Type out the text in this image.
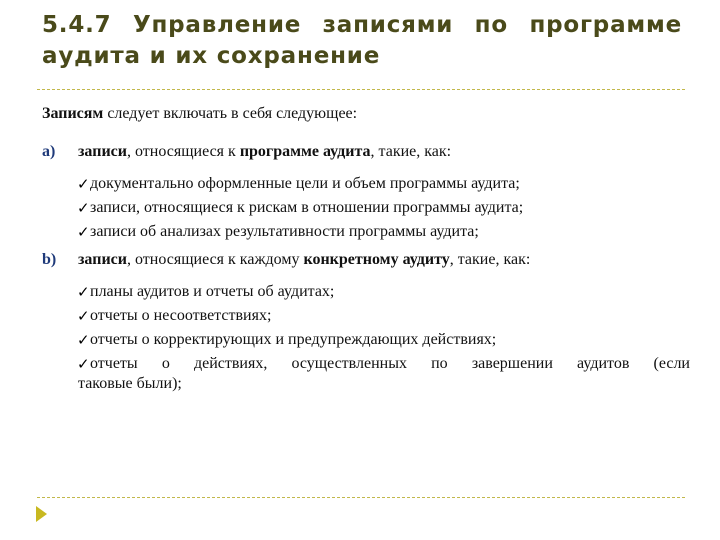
5.4.7 Управление записями по программе
аудита и их сохранение

Записям следует включать в себя следующее:

a)	записи, относящиеся к программе аудита, такие, как:
✓ документально оформленные цели и объем программы аудита;
✓ записи, относящиеся к рискам в отношении программы аудита;
✓ записи об анализах результативности программы аудита;
b)	записи, относящиеся к каждому конкретному аудиту, такие, как:
✓ планы аудитов и отчеты об аудитах;
✓ отчеты о несоответствиях;
✓ отчеты о корректирующих и предупреждающих действиях;
✓ отчеты о действиях, осуществленных по завершении аудитов (если
таковые были);
